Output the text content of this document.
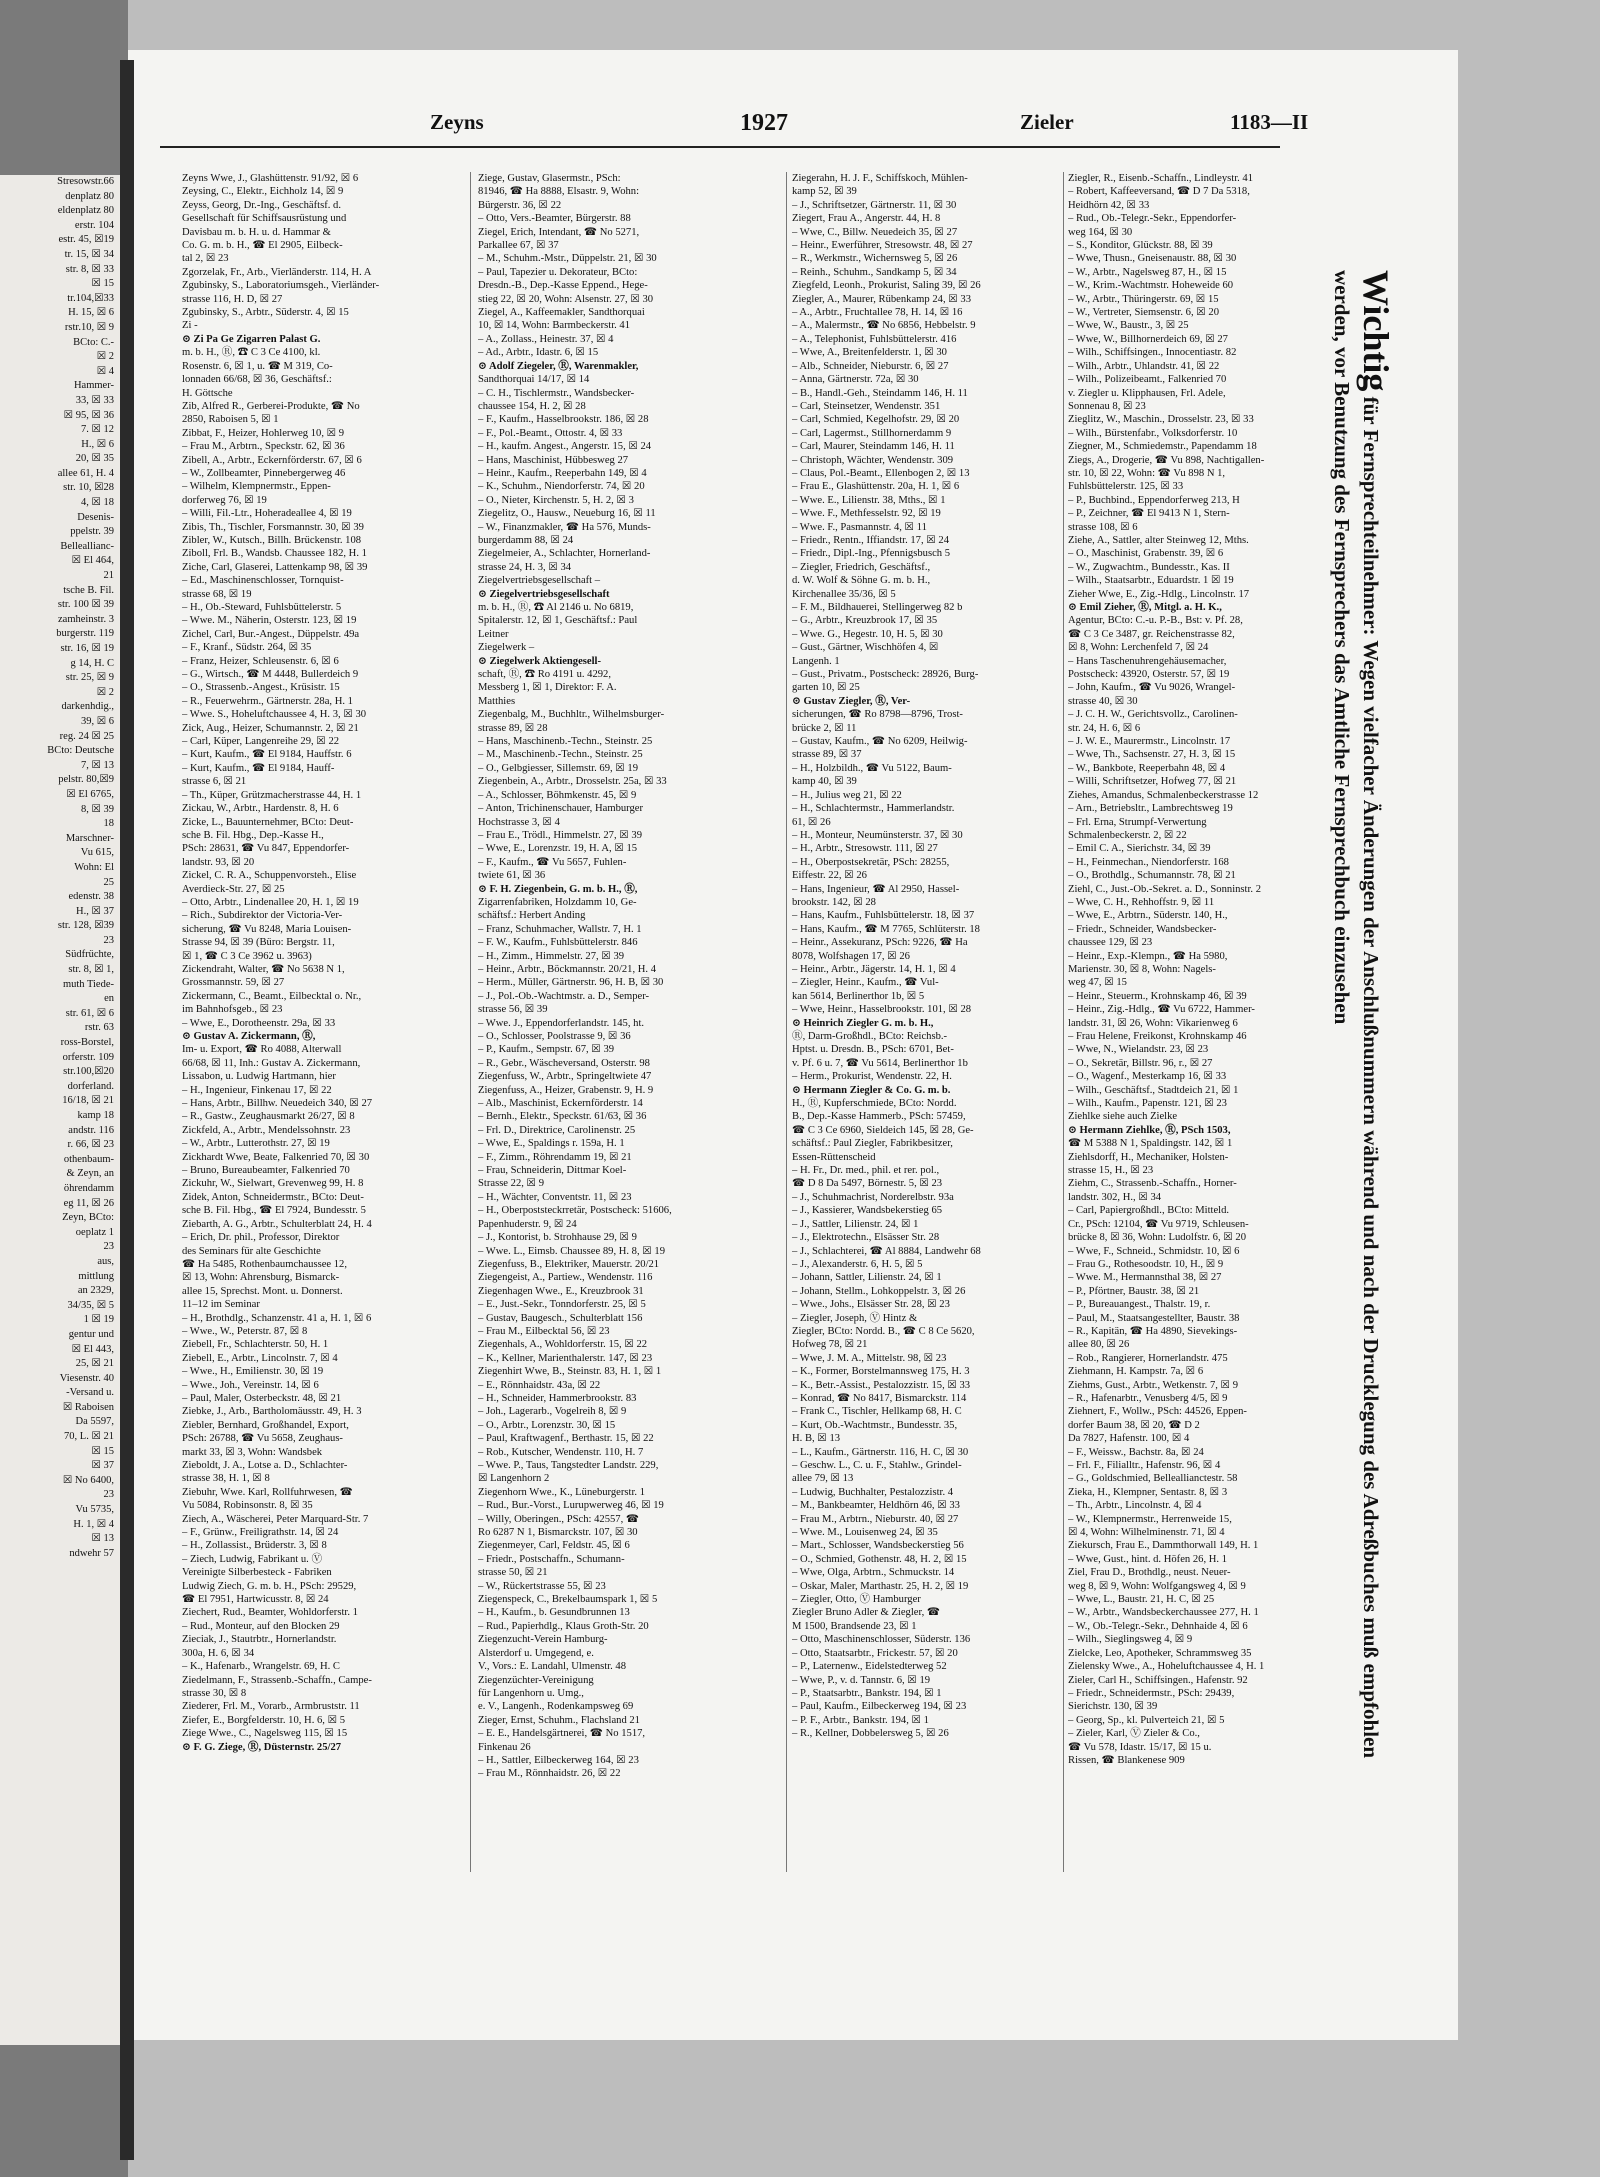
Stresowstr.66
denplatz 80
eldenplatz 80
erstr. 104
estr. 45, ☒19
tr. 15, ☒ 34
str. 8, ☒ 33
☒ 15
tr.104,☒33
H. 15, ☒ 6
rstr.10, ☒ 9
BCto: C.-
☒ 2
☒ 4
Hammer-
33, ☒ 33
☒ 95, ☒ 36
7. ☒ 12
H., ☒ 6
20, ☒ 35
allee 61, H. 4
str. 10, ☒28
4, ☒ 18
Desenis-
ppelstr. 39
Belleallianc-
☒ El 464,
21
tsche B. Fil.
str. 100 ☒ 39
zamheinstr. 3
burgerstr. 119
str. 16, ☒ 19
g 14, H. C
str. 25, ☒ 9
☒ 2
darkenhdig.,
39, ☒ 6
reg. 24 ☒ 25
BCto: Deutsche
7, ☒ 13
pelstr. 80,☒9
☒ El 6765,
8, ☒ 39
18
Marschner-
Vu 615,
Wohn: El
25
edenstr. 38
H., ☒ 37
str. 128, ☒39
23
Südfrüchte,
str. 8, ☒ 1,
muth Tiede-
en
str. 61, ☒ 6
rstr. 63
ross-Borstel,
orferstr. 109
str.100,☒20
dorferland.
16/18, ☒ 21
kamp 18
andstr. 116
r. 66, ☒ 23
othenbaum-
& Zeyn, an
öhrendamm
eg 11, ☒ 26
Zeyn, BCto:
oeplatz 1
23
aus,
mittlung
an 2329,
34/35, ☒ 5
1 ☒ 19
gentur und
☒ El 443,
25, ☒ 21
Viesenstr. 40
-Versand u.
☒ Raboisen
Da 5597,
70, L. ☒ 21
☒ 15
☒ 37
☒ No 6400,
23
Vu 5735,
H. 1, ☒ 4
☒ 13
ndwehr 57
Zeyns	1927	Zieler	1183—II
Zeyns Wwe, J., Glashüttenstr. 91/92, ☒ 6
Zeysing, C., Elektr., Eichholz 14, ☒ 9
Zeyss, Georg, Dr.-Ing., Geschäftsf. d.
Gesellschaft für Schiffsausrüstung und
Davisbau m. b. H. u. d. Hammar &
Co. G. m. b. H., ☎ El 2905, Eilbeck-
tal 2, ☒ 23
Zgorzelak, Fr., Arb., Vierländerstr. 114, H. A
Zgubinsky, S., Laboratoriumsgeh., Vierländer-
strasse 116, H. D, ☒ 27
Zgubinsky, S., Arbtr., Süderstr. 4, ☒ 15
Zi -
⊙ Zi Pa Ge Zigarren Palast G.
m. b. H., Ⓡ, ☎ C 3 Ce 4100, kl.
Rosenstr. 6, ☒ 1, u. ☎ M 319, Co-
lonnaden 66/68, ☒ 36, Geschäftsf.:
H. Göttsche
Zib, Alfred R., Gerberei-Produkte, ☎ No
2850, Raboisen 5, ☒ 1
Zibbat, F., Heizer, Hohlerweg 10, ☒ 9
– Frau M., Arbtrn., Speckstr. 62, ☒ 36
Zibell, A., Arbtr., Eckernförderstr. 67, ☒ 6
– W., Zollbeamter, Pinnebergerweg 46
– Wilhelm, Klempnermstr., Eppen-
dorferweg 76, ☒ 19
– Willi, Fil.-Ltr., Hoheradeallee 4, ☒ 19
Zibis, Th., Tischler, Forsmannstr. 30, ☒ 39
Zibler, W., Kutsch., Billh. Brückenstr. 108
Ziboll, Frl. B., Wandsb. Chaussee 182, H. 1
Ziche, Carl, Glaserei, Lattenkamp 98, ☒ 39
– Ed., Maschinenschlosser, Tornquist-
strasse 68, ☒ 19
– H., Ob.-Steward, Fuhlsbüttelerstr. 5
– Wwe. M., Näherin, Osterstr. 123, ☒ 19
Zichel, Carl, Bur.-Angest., Düppelstr. 49a
– F., Kranf., Südstr. 264, ☒ 35
– Franz, Heizer, Schleusenstr. 6, ☒ 6
– G., Wirtsch., ☎ M 4448, Bullerdeich 9
– O., Strassenb.-Angest., Krüsistr. 15
– R., Feuerwehrm., Gärtnerstr. 28a, H. 1
– Wwe. S., Hoheluftchaussee 4, H. 3, ☒ 30
Zick, Aug., Heizer, Schumannstr. 2, ☒ 21
– Carl, Küper, Langenreihe 29, ☒ 22
– Kurt, Kaufm., ☎ El 9184, Hauffstr. 6
– Kurt, Kaufm., ☎ El 9184, Hauff-
strasse 6, ☒ 21
– Th., Küper, Grützmacherstrasse 44, H. 1
Zickau, W., Arbtr., Hardenstr. 8, H. 6
Zicke, L., Bauunternehmer, BCto: Deut-
sche B. Fil. Hbg., Dep.-Kasse H.,
PSch: 28631, ☎ Vu 847, Eppendorfer-
landstr. 93, ☒ 20
Zickel, C. R. A., Schuppenvorsteh., Elise
Averdieck-Str. 27, ☒ 25
– Otto, Arbtr., Lindenallee 20, H. 1, ☒ 19
– Rich., Subdirektor der Victoria-Ver-
sicherung, ☎ Vu 8248, Maria Louisen-
Strasse 94, ☒ 39 (Büro: Bergstr. 11,
☒ 1, ☎ C 3 Ce 3962 u. 3963)
Zickendraht, Walter, ☎ No 5638 N 1,
Grossmannstr. 59, ☒ 27
Zickermann, C., Beamt., Eilbecktal o. Nr.,
im Bahnhofsgeb., ☒ 23
– Wwe, E., Dorotheenstr. 29a, ☒ 33
⊙ Gustav A. Zickermann, Ⓡ,
Im- u. Export, ☎ Ro 4088, Alterwall
66/68, ☒ 11, Inh.: Gustav A. Zickermann,
Lissabon, u. Ludwig Hartmann, hier
– H., Ingenieur, Finkenau 17, ☒ 22
– Hans, Arbtr., Billhw. Neuedeich 340, ☒ 27
– R., Gastw., Zeughausmarkt 26/27, ☒ 8
Zickfeld, A., Arbtr., Mendelssohnstr. 23
– W., Arbtr., Lutterothstr. 27, ☒ 19
Zickhardt Wwe, Beate, Falkenried 70, ☒ 30
– Bruno, Bureaubeamter, Falkenried 70
Zickuhr, W., Sielwart, Grevenweg 99, H. 8
Zidek, Anton, Schneidermstr., BCto: Deut-
sche B. Fil. Hbg., ☎ El 7924, Bundesstr. 5
Ziebarth, A. G., Arbtr., Schulterblatt 24, H. 4
– Erich, Dr. phil., Professor, Direktor
des Seminars für alte Geschichte
☎ Ha 5485, Rothenbaumchaussee 12,
☒ 13, Wohn: Ahrensburg, Bismarck-
allee 15, Sprechst. Mont. u. Donnerst.
11–12 im Seminar
– H., Brothdlg., Schanzenstr. 41 a, H. 1, ☒ 6
– Wwe., W., Peterstr. 87, ☒ 8
Ziebell, Fr., Schlachterstr. 50, H. 1
Ziebell, E., Arbtr., Lincolnstr. 7, ☒ 4
– Wwe., H., Emilienstr. 30, ☒ 19
– Wwe., Joh., Vereinstr. 14, ☒ 6
– Paul, Maler, Osterbeckstr. 48, ☒ 21
Ziebke, J., Arb., Bartholomäusstr. 49, H. 3
Ziebler, Bernhard, Großhandel, Export,
PSch: 26788, ☎ Vu 5658, Zeughaus-
markt 33, ☒ 3, Wohn: Wandsbek
Zieboldt, J. A., Lotse a. D., Schlachter-
strasse 38, H. 1, ☒ 8
Ziebuhr, Wwe. Karl, Rollfuhrwesen, ☎
Vu 5084, Robinsonstr. 8, ☒ 35
Ziech, A., Wäscherei, Peter Marquard-Str. 7
– F., Grünw., Freiligrathstr. 14, ☒ 24
– H., Zollassist., Brüderstr. 3, ☒ 8
– Ziech, Ludwig, Fabrikant u. Ⓥ
Vereinigte Silberbesteck - Fabriken
Ludwig Ziech, G. m. b. H., PSch: 29529,
☎ El 7951, Hartwicusstr. 8, ☒ 24
Ziechert, Rud., Beamter, Wohldorferstr. 1
– Rud., Monteur, auf den Blocken 29
Zieciak, J., Stautrbtr., Hornerlandstr.
300a, H. 6, ☒ 34
– K., Hafenarb., Wrangelstr. 69, H. C
Ziedelmann, F., Strassenb.-Schaffn., Campe-
strasse 30, ☒ 8
Ziederer, Frl. M., Vorarb., Armbruststr. 11
Ziefer, E., Borgfelderstr. 10, H. 6, ☒ 5
Ziege Wwe., C., Nagelsweg 115, ☒ 15
⊙ F. G. Ziege, Ⓡ, Düsternstr. 25/27
Ziege, Gustav, Glasermstr., PSch:
81946, ☎ Ha 8888, Elsastr. 9, Wohn:
Bürgerstr. 36, ☒ 22
– Otto, Vers.-Beamter, Bürgerstr. 88
Ziegel, Erich, Intendant, ☎ No 5271,
Parkallee 67, ☒ 37
– M., Schuhm.-Mstr., Düppelstr. 21, ☒ 30
– Paul, Tapezier u. Dekorateur, BCto:
Dresdn.-B., Dep.-Kasse Eppend., Hege-
stieg 22, ☒ 20, Wohn: Alsenstr. 27, ☒ 30
Ziegel, A., Kaffeemakler, Sandthorquai
10, ☒ 14, Wohn: Barmbeckerstr. 41
– A., Zollass., Heinestr. 37, ☒ 4
– Ad., Arbtr., Idastr. 6, ☒ 15
⊙ Adolf Ziegeler, Ⓡ, Warenmakler,
Sandthorquai 14/17, ☒ 14
– C. H., Tischlermstr., Wandsbecker-
chaussee 154, H. 2, ☒ 28
– F., Kaufm., Hasselbrookstr. 186, ☒ 28
– F., Pol.-Beamt., Ottostr. 4, ☒ 33
– H., kaufm. Angest., Angerstr. 15, ☒ 24
– Hans, Maschinist, Hübbesweg 27
– Heinr., Kaufm., Reeperbahn 149, ☒ 4
– K., Schuhm., Niendorferstr. 74, ☒ 20
– O., Nieter, Kirchenstr. 5, H. 2, ☒ 3
Ziegelitz, O., Hausw., Neueburg 16, ☒ 11
– W., Finanzmakler, ☎ Ha 576, Munds-
burgerdamm 88, ☒ 24
Ziegelmeier, A., Schlachter, Hornerland-
strasse 24, H. 3, ☒ 34
Ziegelvertriebsgesellschaft –
⊙ Ziegelvertriebsgesellschaft
m. b. H., Ⓡ, ☎ Al 2146 u. No 6819,
Spitalerstr. 12, ☒ 1, Geschäftsf.: Paul
Leitner
Ziegelwerk –
⊙ Ziegelwerk Aktiengesell-
schaft, Ⓡ, ☎ Ro 4191 u. 4292,
Messberg 1, ☒ 1, Direktor: F. A.
Matthies
Ziegenbalg, M., Buchhltr., Wilhelmsburger-
strasse 89, ☒ 28
– Hans, Maschinenb.-Techn., Steinstr. 25
– M., Maschinenb.-Techn., Steinstr. 25
– O., Gelbgiesser, Sillemstr. 69, ☒ 19
Ziegenbein, A., Arbtr., Drosselstr. 25a, ☒ 33
– A., Schlosser, Böhmkenstr. 45, ☒ 9
– Anton, Trichinenschauer, Hamburger
Hochstrasse 3, ☒ 4
– Frau E., Trödl., Himmelstr. 27, ☒ 39
– Wwe, E., Lorenzstr. 19, H. A, ☒ 15
– F., Kaufm., ☎ Vu 5657, Fuhlen-
twiete 61, ☒ 36
⊙ F. H. Ziegenbein, G. m. b. H., Ⓡ,
Zigarrenfabriken, Holzdamm 10, Ge-
schäftsf.: Herbert Anding
– Franz, Schuhmacher, Wallstr. 7, H. 1
– F. W., Kaufm., Fuhlsbüttelerstr. 846
– H., Zimm., Himmelstr. 27, ☒ 39
– Heinr., Arbtr., Böckmannstr. 20/21, H. 4
– Herm., Müller, Gärtnerstr. 96, H. B, ☒ 30
– J., Pol.-Ob.-Wachtmstr. a. D., Semper-
strasse 56, ☒ 39
– Wwe. J., Eppendorferlandstr. 145, ht.
– O., Schlosser, Poolstrasse 9, ☒ 36
– P., Kaufm., Sempstr. 67, ☒ 39
– R., Gebr., Wäscheversand, Osterstr. 98
Ziegenfuss, W., Arbtr., Springeltwiete 47
Ziegenfuss, A., Heizer, Grabenstr. 9, H. 9
– Alb., Maschinist, Eckernförderstr. 14
– Bernh., Elektr., Speckstr. 61/63, ☒ 36
– Frl. D., Direktrice, Carolinenstr. 25
– Wwe, E., Spaldings r. 159a, H. 1
– F., Zimm., Röhrendamm 19, ☒ 21
– Frau, Schneiderin, Dittmar Koel-
Strasse 22, ☒ 9
– H., Wächter, Conventstr. 11, ☒ 23
– H., Oberpoststeckrretär, Postscheck: 51606,
Papenhuderstr. 9, ☒ 24
– J., Kontorist, b. Strohhause 29, ☒ 9
– Wwe. L., Eimsb. Chaussee 89, H. 8, ☒ 19
Ziegenfuss, B., Elektriker, Mauerstr. 20/21
Ziegengeist, A., Partiew., Wendenstr. 116
Ziegenhagen Wwe., E., Kreuzbrook 31
– E., Just.-Sekr., Tonndorferstr. 25, ☒ 5
– Gustav, Baugesch., Schulterblatt 156
– Frau M., Eilbecktal 56, ☒ 23
Ziegenhals, A., Wohldorferstr. 15, ☒ 22
– K., Kellner, Marienthalerstr. 147, ☒ 23
Ziegenhirt Wwe, B., Steinstr. 83, H. 1, ☒ 1
– E., Rönnhaidstr. 43a, ☒ 22
– H., Schneider, Hammerbrookstr. 83
– Joh., Lagerarb., Vogelreih 8, ☒ 9
– O., Arbtr., Lorenzstr. 30, ☒ 15
– Paul, Kraftwagenf., Berthastr. 15, ☒ 22
– Rob., Kutscher, Wendenstr. 110, H. 7
– Wwe. P., Taus, Tangstedter Landstr. 229,
☒ Langenhorn 2
Ziegenhorn Wwe., K., Lüneburgerstr. 1
– Rud., Bur.-Vorst., Lurupwerweg 46, ☒ 19
– Willy, Oberingen., PSch: 42557, ☎
Ro 6287 N 1, Bismarckstr. 107, ☒ 30
Ziegenmeyer, Carl, Feldstr. 45, ☒ 6
– Friedr., Postschaffn., Schumann-
strasse 50, ☒ 21
– W., Rückertstrasse 55, ☒ 23
Ziegenspeck, C., Brekelbaumspark 1, ☒ 5
– H., Kaufm., b. Gesundbrunnen 13
– Rud., Papierhdlg., Klaus Groth-Str. 20
Ziegenzucht-Verein Hamburg-
Alsterdorf u. Umgegend, e.
V., Vors.: E. Landahl, Ulmenstr. 48
Ziegenzüchter-Vereinigung
für Langenhorn u. Umg.,
e. V., Langenh., Rodenkampsweg 69
Zieger, Ernst, Schuhm., Flachsland 21
– E. E., Handelsgärtnerei, ☎ No 1517,
Finkenau 26
– H., Sattler, Eilbeckerweg 164, ☒ 23
– Frau M., Rönnhaidstr. 26, ☒ 22
Ziegerahn, H. J. F., Schiffskoch, Mühlen-
kamp 52, ☒ 39
– J., Schriftsetzer, Gärtnerstr. 11, ☒ 30
Ziegert, Frau A., Angerstr. 44, H. 8
– Wwe, C., Billw. Neuedeich 35, ☒ 27
– Heinr., Ewerführer, Stresowstr. 48, ☒ 27
– R., Werkmstr., Wichernsweg 5, ☒ 26
– Reinh., Schuhm., Sandkamp 5, ☒ 34
Ziegfeld, Leonh., Prokurist, Saling 39, ☒ 26
Ziegler, A., Maurer, Rübenkamp 24, ☒ 33
– A., Arbtr., Fruchtallee 78, H. 14, ☒ 16
– A., Malermstr., ☎ No 6856, Hebbelstr. 9
– A., Telephonist, Fuhlsbüttelerstr. 416
– Wwe, A., Breitenfelderstr. 1, ☒ 30
– Alb., Schneider, Nieburstr. 6, ☒ 27
– Anna, Gärtnerstr. 72a, ☒ 30
– B., Handl.-Geh., Steindamm 146, H. 11
– Carl, Steinsetzer, Wendenstr. 351
– Carl, Schmied, Kegelhofstr. 29, ☒ 20
– Carl, Lagermst., Stillhornerdamm 9
– Carl, Maurer, Steindamm 146, H. 11
– Christoph, Wächter, Wendenstr. 309
– Claus, Pol.-Beamt., Ellenbogen 2, ☒ 13
– Frau E., Glashüttenstr. 20a, H. 1, ☒ 6
– Wwe. E., Lilienstr. 38, Mths., ☒ 1
– Wwe. F., Methfesselstr. 92, ☒ 19
– Wwe. F., Pasmannstr. 4, ☒ 11
– Friedr., Rentn., Iffiandstr. 17, ☒ 24
– Friedr., Dipl.-Ing., Pfennigsbusch 5
– Ziegler, Friedrich, Geschäftsf.,
d. W. Wolf & Söhne G. m. b. H.,
Kirchenallee 35/36, ☒ 5
– F. M., Bildhauerei, Stellingerweg 82 b
– G., Arbtr., Kreuzbrook 17, ☒ 35
– Wwe. G., Hegestr. 10, H. 5, ☒ 30
– Gust., Gärtner, Wischhöfen 4, ☒
Langenh. 1
– Gust., Privatm., Postscheck: 28926, Burg-
garten 10, ☒ 25
⊙ Gustav Ziegler, Ⓡ, Ver-
sicherungen, ☎ Ro 8798—8796, Trost-
brücke 2, ☒ 11
– Gustav, Kaufm., ☎ No 6209, Heilwig-
strasse 89, ☒ 37
– H., Holzbildh., ☎ Vu 5122, Baum-
kamp 40, ☒ 39
– H., Julius weg 21, ☒ 22
– H., Schlachtermstr., Hammerlandstr.
61, ☒ 26
– H., Monteur, Neumünsterstr. 37, ☒ 30
– H., Arbtr., Stresowstr. 111, ☒ 27
– H., Oberpostsekretär, PSch: 28255,
Eiffestr. 22, ☒ 26
– Hans, Ingenieur, ☎ Al 2950, Hassel-
brookstr. 142, ☒ 28
– Hans, Kaufm., Fuhlsbüttelerstr. 18, ☒ 37
– Hans, Kaufm., ☎ M 7765, Schlüterstr. 18
– Heinr., Assekuranz, PSch: 9226, ☎ Ha
8078, Wolfshagen 17, ☒ 26
– Heinr., Arbtr., Jägerstr. 14, H. 1, ☒ 4
– Ziegler, Heinr., Kaufm., ☎ Vul-
kan 5614, Berlinerthor 1b, ☒ 5
– Wwe, Heinr., Hasselbrookstr. 101, ☒ 28
⊙ Heinrich Ziegler G. m. b. H.,
Ⓡ, Darm-Großhdl., BCto: Reichsb.-
Hptst. u. Dresdn. B., PSch: 6701, Bet-
v. Pf. 6 u. 7, ☎ Vu 5614, Berlinerthor 1b
– Herm., Prokurist, Wendenstr. 22, H.
⊙ Hermann Ziegler & Co. G. m. b.
H., Ⓡ, Kupferschmiede, BCto: Nordd.
B., Dep.-Kasse Hammerb., PSch: 57459,
☎ C 3 Ce 6960, Sieldeich 145, ☒ 28, Ge-
schäftsf.: Paul Ziegler, Fabrikbesitzer,
Essen-Rüttenscheid
– H. Fr., Dr. med., phil. et rer. pol.,
☎ D 8 Da 5497, Börnestr. 5, ☒ 23
– J., Schuhmachrist, Norderelbstr. 93a
– J., Kassierer, Wandsbekerstieg 65
– J., Sattler, Lilienstr. 24, ☒ 1
– J., Elektrotechn., Elsässer Str. 28
– J., Schlachterei, ☎ Al 8884, Landwehr 68
– J., Alexanderstr. 6, H. 5, ☒ 5
– Johann, Sattler, Lilienstr. 24, ☒ 1
– Johann, Stellm., Lohkoppelstr. 3, ☒ 26
– Wwe., Johs., Elsässer Str. 28, ☒ 23
– Ziegler, Joseph, Ⓥ Hintz &
Ziegler, BCto: Nordd. B., ☎ C 8 Ce 5620,
Hofweg 78, ☒ 21
– Wwe, J. M. A., Mittelstr. 98, ☒ 23
– K., Former, Borstelmannsweg 175, H. 3
– K., Betr.-Assist., Pestalozzistr. 15, ☒ 33
– Konrad, ☎ No 8417, Bismarckstr. 114
– Frank C., Tischler, Hellkamp 68, H. C
– Kurt, Ob.-Wachtmstr., Bundesstr. 35,
H. B, ☒ 13
– L., Kaufm., Gärtnerstr. 116, H. C, ☒ 30
– Geschw. L., C. u. F., Stahlw., Grindel-
allee 79, ☒ 13
– Ludwig, Buchhalter, Pestalozzistr. 4
– M., Bankbeamter, Heldhörn 46, ☒ 33
– Frau M., Arbtrn., Nieburstr. 40, ☒ 27
– Wwe. M., Louisenweg 24, ☒ 35
– Mart., Schlosser, Wandsbeckerstieg 56
– O., Schmied, Gothenstr. 48, H. 2, ☒ 15
– Wwe, Olga, Arbtrn., Schmuckstr. 14
– Oskar, Maler, Marthastr. 25, H. 2, ☒ 19
– Ziegler, Otto, Ⓥ Hamburger
Ziegler Bruno Adler & Ziegler, ☎
M 1500, Brandsende 23, ☒ 1
– Otto, Maschinenschlosser, Süderstr. 136
– Otto, Staatsarbtr., Frickestr. 57, ☒ 20
– P., Laternenw., Eidelstedterweg 52
– Wwe, P., v. d. Tannstr. 6, ☒ 19
– P., Staatsarbtr., Bankstr. 194, ☒ 1
– Paul, Kaufm., Eilbeckerweg 194, ☒ 23
– P. F., Arbtr., Bankstr. 194, ☒ 1
– R., Kellner, Dobbelersweg 5, ☒ 26
Ziegler, R., Eisenb.-Schaffn., Lindleystr. 41
– Robert, Kaffeeversand, ☎ D 7 Da 5318,
Heidhörn 42, ☒ 33
– Rud., Ob.-Telegr.-Sekr., Eppendorfer-
weg 164, ☒ 30
– S., Konditor, Glückstr. 88, ☒ 39
– Wwe, Thusn., Gneisenaustr. 88, ☒ 30
– W., Arbtr., Nagelsweg 87, H., ☒ 15
– W., Krim.-Wachtmstr. Hoheweide 60
– W., Arbtr., Thüringerstr. 69, ☒ 15
– W., Vertreter, Siemsenstr. 6, ☒ 20
– Wwe, W., Baustr., 3, ☒ 25
– Wwe, W., Billhornerdeich 69, ☒ 27
– Wilh., Schiffsingen., Innocentiastr. 82
– Wilh., Arbtr., Uhlandstr. 41, ☒ 22
– Wilh., Polizeibeamt., Falkenried 70
v. Ziegler u. Klipphausen, Frl. Adele,
Sonnenau 8, ☒ 23
Zieglitz, W., Maschin., Drosselstr. 23, ☒ 33
– Wilh., Bürstenfabr., Volksdorferstr. 10
Ziegner, M., Schmiedemstr., Papendamm 18
Ziegs, A., Drogerie, ☎ Vu 898, Nachtigallen-
str. 10, ☒ 22, Wohn: ☎ Vu 898 N 1,
Fuhlsbüttelerstr. 125, ☒ 33
– P., Buchbind., Eppendorferweg 213, H
– P., Zeichner, ☎ El 9413 N 1, Stern-
strasse 108, ☒ 6
Ziehe, A., Sattler, alter Steinweg 12, Mths.
– O., Maschinist, Grabenstr. 39, ☒ 6
– W., Zugwachtm., Bundesstr., Kas. II
– Wilh., Staatsarbtr., Eduardstr. 1 ☒ 19
Zieher Wwe, E., Zig.-Hdlg., Lincolnstr. 17
⊙ Emil Zieher, Ⓡ, Mitgl. a. H. K.,
Agentur, BCto: C.-u. P.-B., Bst: v. Pf. 28,
☎ C 3 Ce 3487, gr. Reichenstrasse 82,
☒ 8, Wohn: Lerchenfeld 7, ☒ 24
– Hans Taschenuhrengehäusemacher,
Postscheck: 43920, Osterstr. 57, ☒ 19
– John, Kaufm., ☎ Vu 9026, Wrangel-
strasse 40, ☒ 30
– J. C. H. W., Gerichtsvollz., Carolinen-
str. 24, H. 6, ☒ 6
– J. W. E., Maurermstr., Lincolnstr. 17
– Wwe, Th., Sachsenstr. 27, H. 3, ☒ 15
– W., Bankbote, Reeperbahn 48, ☒ 4
– Willi, Schriftsetzer, Hofweg 77, ☒ 21
Ziehes, Amandus, Schmalenbeckerstrasse 12
– Arn., Betriebsltr., Lambrechtsweg 19
– Frl. Erna, Strumpf-Verwertung
Schmalenbeckerstr. 2, ☒ 22
– Emil C. A., Sierichstr. 34, ☒ 39
– H., Feinmechan., Niendorferstr. 168
– O., Brothdlg., Schumannstr. 78, ☒ 21
Ziehl, C., Just.-Ob.-Sekret. a. D., Sonninstr. 2
– Wwe, C. H., Rehhoffstr. 9, ☒ 11
– Wwe, E., Arbtrn., Süderstr. 140, H.,
– Friedr., Schneider, Wandsbecker-
chaussee 129, ☒ 23
– Heinr., Exp.-Klempn., ☎ Ha 5980,
Marienstr. 30, ☒ 8, Wohn: Nagels-
weg 47, ☒ 15
– Heinr., Steuerm., Krohnskamp 46, ☒ 39
– Heinr., Zig.-Hdlg., ☎ Vu 6722, Hammer-
landstr. 31, ☒ 26, Wohn: Vikarienweg 6
– Frau Helene, Freikonst, Krohnskamp 46
– Wwe, N., Wielandstr. 23, ☒ 23
– O., Sekretär, Billstr. 96, r., ☒ 27
– O., Wagenf., Mesterkamp 16, ☒ 33
– Wilh., Geschäftsf., Stadtdeich 21, ☒ 1
– Wilh., Kaufm., Papenstr. 121, ☒ 23
Ziehlke siehe auch Zielke
⊙ Hermann Ziehlke, Ⓡ, PSch 1503,
☎ M 5388 N 1, Spaldingstr. 142, ☒ 1
Ziehlsdorff, H., Mechaniker, Holsten-
strasse 15, H., ☒ 23
Ziehm, C., Strassenb.-Schaffn., Horner-
landstr. 302, H., ☒ 34
– Carl, Papiergroßhdl., BCto: Mitteld.
Cr., PSch: 12104, ☎ Vu 9719, Schleusen-
brücke 8, ☒ 36, Wohn: Ludolfstr. 6, ☒ 20
– Wwe, F., Schneid., Schmidstr. 10, ☒ 6
– Frau G., Rothesoodstr. 10, H., ☒ 9
– Wwe. M., Hermannsthal 38, ☒ 27
– P., Pförtner, Baustr. 38, ☒ 21
– P., Bureauangest., Thalstr. 19, r.
– Paul, M., Staatsangestellter, Baustr. 38
– R., Kapitän, ☎ Ha 4890, Sievekings-
allee 80, ☒ 26
– Rob., Rangierer, Hornerlandstr. 475
Ziehmann, H. Kampstr. 7a, ☒ 6
Ziehms, Gust., Arbtr., Wetkenstr. 7, ☒ 9
– R., Hafenarbtr., Venusberg 4/5, ☒ 9
Ziehnert, F., Wollw., PSch: 44526, Eppen-
dorfer Baum 38, ☒ 20, ☎ D 2
Da 7827, Hafenstr. 100, ☒ 4
– F., Weissw., Bachstr. 8a, ☒ 24
– Frl. F., Filialltr., Hafenstr. 96, ☒ 4
– G., Goldschmied, Belleallianctestr. 58
Zieka, H., Klempner, Sentastr. 8, ☒ 3
– Th., Arbtr., Lincolnstr. 4, ☒ 4
– W., Klempnermstr., Herrenweide 15,
☒ 4, Wohn: Wilhelminenstr. 71, ☒ 4
Ziekursch, Frau E., Dammthorwall 149, H. 1
– Wwe, Gust., hint. d. Höfen 26, H. 1
Ziel, Frau D., Brothdlg., neust. Neuer-
weg 8, ☒ 9, Wohn: Wolfgangsweg 4, ☒ 9
– Wwe, L., Baustr. 21, H. C, ☒ 25
– W., Arbtr., Wandsbeckerchaussee 277, H. 1
– W., Ob.-Telegr.-Sekr., Dehnhaide 4, ☒ 6
– Wilh., Sieglingsweg 4, ☒ 9
Zielcke, Leo, Apotheker, Schrammsweg 35
Zielensky Wwe., A., Hoheluftchaussee 4, H. 1
Zieler, Carl H., Schiffsingen., Hafenstr. 92
– Friedr., Schneidermstr., PSch: 29439,
Sierichstr. 130, ☒ 39
– Georg, Sp., kl. Pulverteich 21, ☒ 5
– Zieler, Karl, Ⓥ Zieler & Co.,
☎ Vu 578, Idastr. 15/17, ☒ 15 u.
Rissen, ☎ Blankenese 909
Wichtig für Fernsprechteilnehmer: Wegen vielfacher Änderungen der Anschlußnummern während und nach der Drucklegung des Adreßbuches muß empfohlen werden, vor Benutzung des Fernsprechers das Amtliche Fernsprechbuch einzusehen
